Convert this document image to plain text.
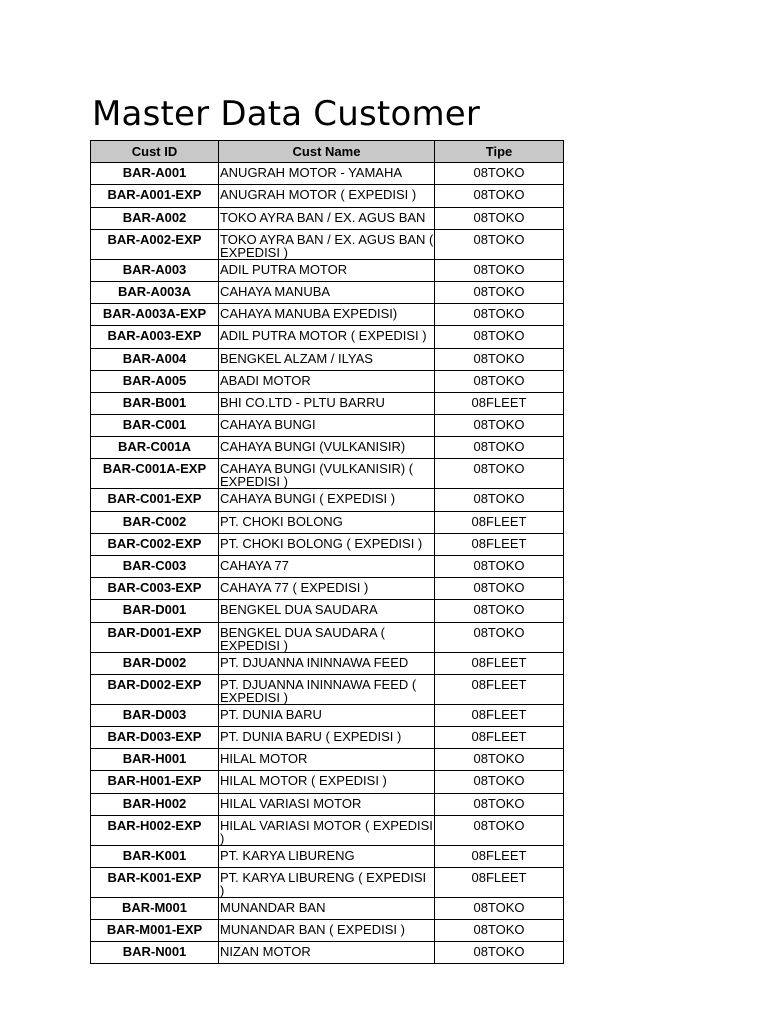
Master Data Customer
Cust ID	Cust Name	Tipe
BAR-A001	ANUGRAH MOTOR - YAMAHA	08TOKO
BAR-A001-EXP	ANUGRAH MOTOR ( EXPEDISI )	08TOKO
BAR-A002	TOKO AYRA BAN / EX. AGUS BAN	08TOKO
BAR-A002-EXP	TOKO AYRA BAN / EX. AGUS BAN ( EXPEDISI )	08TOKO
BAR-A003	ADIL PUTRA MOTOR	08TOKO
BAR-A003A	CAHAYA MANUBA	08TOKO
BAR-A003A-EXP	CAHAYA MANUBA EXPEDISI)	08TOKO
BAR-A003-EXP	ADIL PUTRA MOTOR ( EXPEDISI )	08TOKO
BAR-A004	BENGKEL ALZAM / ILYAS	08TOKO
BAR-A005	ABADI MOTOR	08TOKO
BAR-B001	BHI CO.LTD - PLTU BARRU	08FLEET
BAR-C001	CAHAYA BUNGI	08TOKO
BAR-C001A	CAHAYA BUNGI (VULKANISIR)	08TOKO
BAR-C001A-EXP	CAHAYA BUNGI (VULKANISIR) ( EXPEDISI )	08TOKO
BAR-C001-EXP	CAHAYA BUNGI ( EXPEDISI )	08TOKO
BAR-C002	PT. CHOKI BOLONG	08FLEET
BAR-C002-EXP	PT. CHOKI BOLONG ( EXPEDISI )	08FLEET
BAR-C003	CAHAYA 77	08TOKO
BAR-C003-EXP	CAHAYA 77 ( EXPEDISI )	08TOKO
BAR-D001	BENGKEL DUA SAUDARA	08TOKO
BAR-D001-EXP	BENGKEL DUA SAUDARA ( EXPEDISI )	08TOKO
BAR-D002	PT. DJUANNA ININNAWA FEED	08FLEET
BAR-D002-EXP	PT. DJUANNA ININNAWA FEED ( EXPEDISI )	08FLEET
BAR-D003	PT. DUNIA BARU	08FLEET
BAR-D003-EXP	PT. DUNIA BARU ( EXPEDISI )	08FLEET
BAR-H001	HILAL MOTOR	08TOKO
BAR-H001-EXP	HILAL MOTOR ( EXPEDISI )	08TOKO
BAR-H002	HILAL VARIASI MOTOR	08TOKO
BAR-H002-EXP	HILAL VARIASI MOTOR ( EXPEDISI )	08TOKO
BAR-K001	PT. KARYA LIBURENG	08FLEET
BAR-K001-EXP	PT. KARYA LIBURENG ( EXPEDISI )	08FLEET
BAR-M001	MUNANDAR BAN	08TOKO
BAR-M001-EXP	MUNANDAR BAN ( EXPEDISI )	08TOKO
BAR-N001	NIZAN MOTOR	08TOKO
